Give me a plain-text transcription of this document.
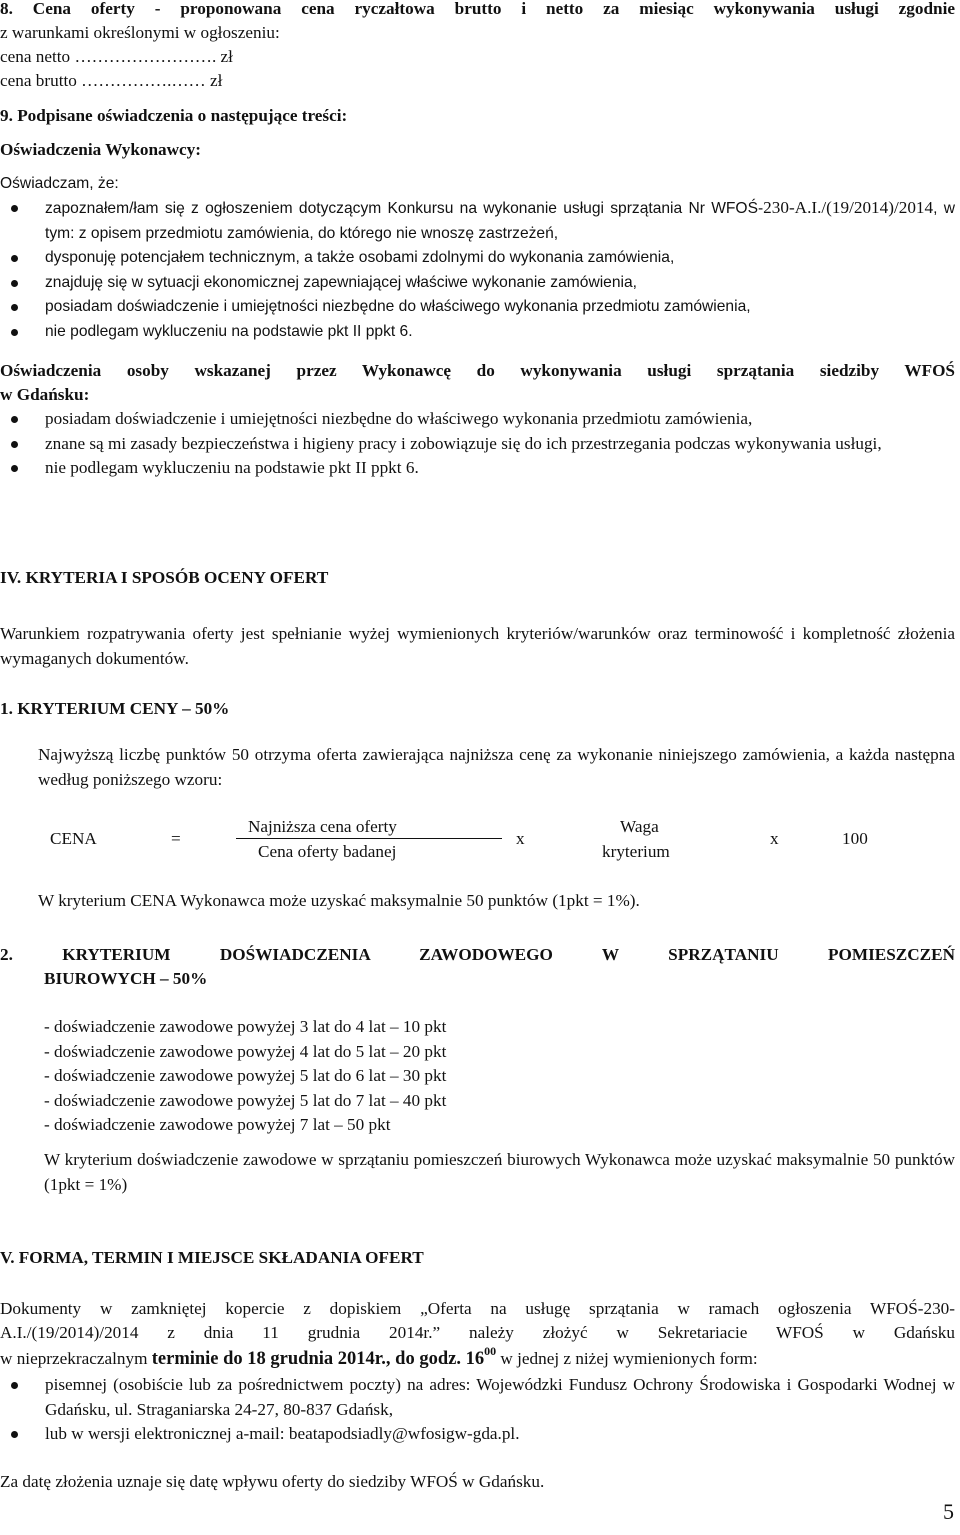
8. Cena oferty - proponowana cena ryczałtowa brutto i netto za miesiąc wykonywania usługi zgodnie
z warunkami określonymi w ogłoszeniu:
cena netto ……………………. zł
cena brutto …………….…… zł
9. Podpisane oświadczenia o następujące treści:
Oświadczenia Wykonawcy:
Oświadczam, że:
zapoznałem/łam się z ogłoszeniem dotyczącym Konkursu na wykonanie usługi sprzątania Nr WFOŚ-230-A.I./(19/2014)/2014, w tym: z opisem przedmiotu zamówienia, do którego nie wnoszę zastrzeżeń,
dysponuję potencjałem technicznym, a także osobami zdolnymi do wykonania zamówienia,
znajduję się w sytuacji ekonomicznej zapewniającej właściwe wykonanie zamówienia,
posiadam doświadczenie i umiejętności niezbędne do właściwego wykonania przedmiotu zamówienia,
nie podlegam wykluczeniu na podstawie pkt II ppkt 6.
Oświadczenia osoby wskazanej przez Wykonawcę do wykonywania usługi sprzątania siedziby WFOŚ
w Gdańsku:
posiadam doświadczenie i umiejętności niezbędne do właściwego wykonania przedmiotu zamówienia,
znane są mi zasady bezpieczeństwa i higieny pracy i zobowiązuje się do ich przestrzegania podczas wykonywania usługi,
nie podlegam wykluczeniu na podstawie pkt II ppkt 6.
IV. KRYTERIA I SPOSÓB OCENY OFERT
Warunkiem rozpatrywania oferty jest spełnianie wyżej wymienionych kryteriów/warunków oraz terminowość i kompletność złożenia wymaganych dokumentów.
1. KRYTERIUM CENY – 50%
Najwyższą liczbę punktów 50 otrzyma oferta zawierająca najniższa cenę za wykonanie niniejszego zamówienia, a każda następna według poniższego wzoru:
CENA	=
Najniższa cena oferty
Cena oferty badanej
x
Waga
kryterium
x	100
W kryterium CENA Wykonawca może uzyskać maksymalnie 50 punktów (1pkt = 1%).
2. KRYTERIUM DOŚWIADCZENIA ZAWODOWEGO W SPRZĄTANIU POMIESZCZEŃ
BIUROWYCH – 50%
- doświadczenie zawodowe powyżej 3 lat do 4 lat – 10 pkt
- doświadczenie zawodowe powyżej 4 lat do 5 lat – 20 pkt
- doświadczenie zawodowe powyżej 5 lat do 6 lat – 30 pkt
- doświadczenie zawodowe powyżej 5 lat do 7 lat – 40 pkt
- doświadczenie zawodowe powyżej 7 lat – 50 pkt
W kryterium doświadczenie zawodowe w sprzątaniu pomieszczeń biurowych Wykonawca może uzyskać maksymalnie 50 punktów (1pkt = 1%)
V. FORMA, TERMIN I MIEJSCE SKŁADANIA OFERT
Dokumenty w zamkniętej kopercie z dopiskiem „Oferta na usługę sprzątania w ramach ogłoszenia WFOŚ-230-
A.I./(19/2014)/2014 z dnia 11 grudnia 2014r.” należy złożyć w Sekretariacie WFOŚ w Gdańsku
w nieprzekraczalnym terminie do 18 grudnia 2014r., do godz. $16^{00}$ w jednej z niżej wymienionych form:
pisemnej (osobiście lub za pośrednictwem poczty) na adres: Wojewódzki Fundusz Ochrony Środowiska i Gospodarki Wodnej w Gdańsku, ul. Straganiarska 24-27, 80-837 Gdańsk,
lub w wersji elektronicznej a-mail: beatapodsiadly@wfosigw-gda.pl.
Za datę złożenia uznaje się datę wpływu oferty do siedziby WFOŚ w Gdańsku.
5
